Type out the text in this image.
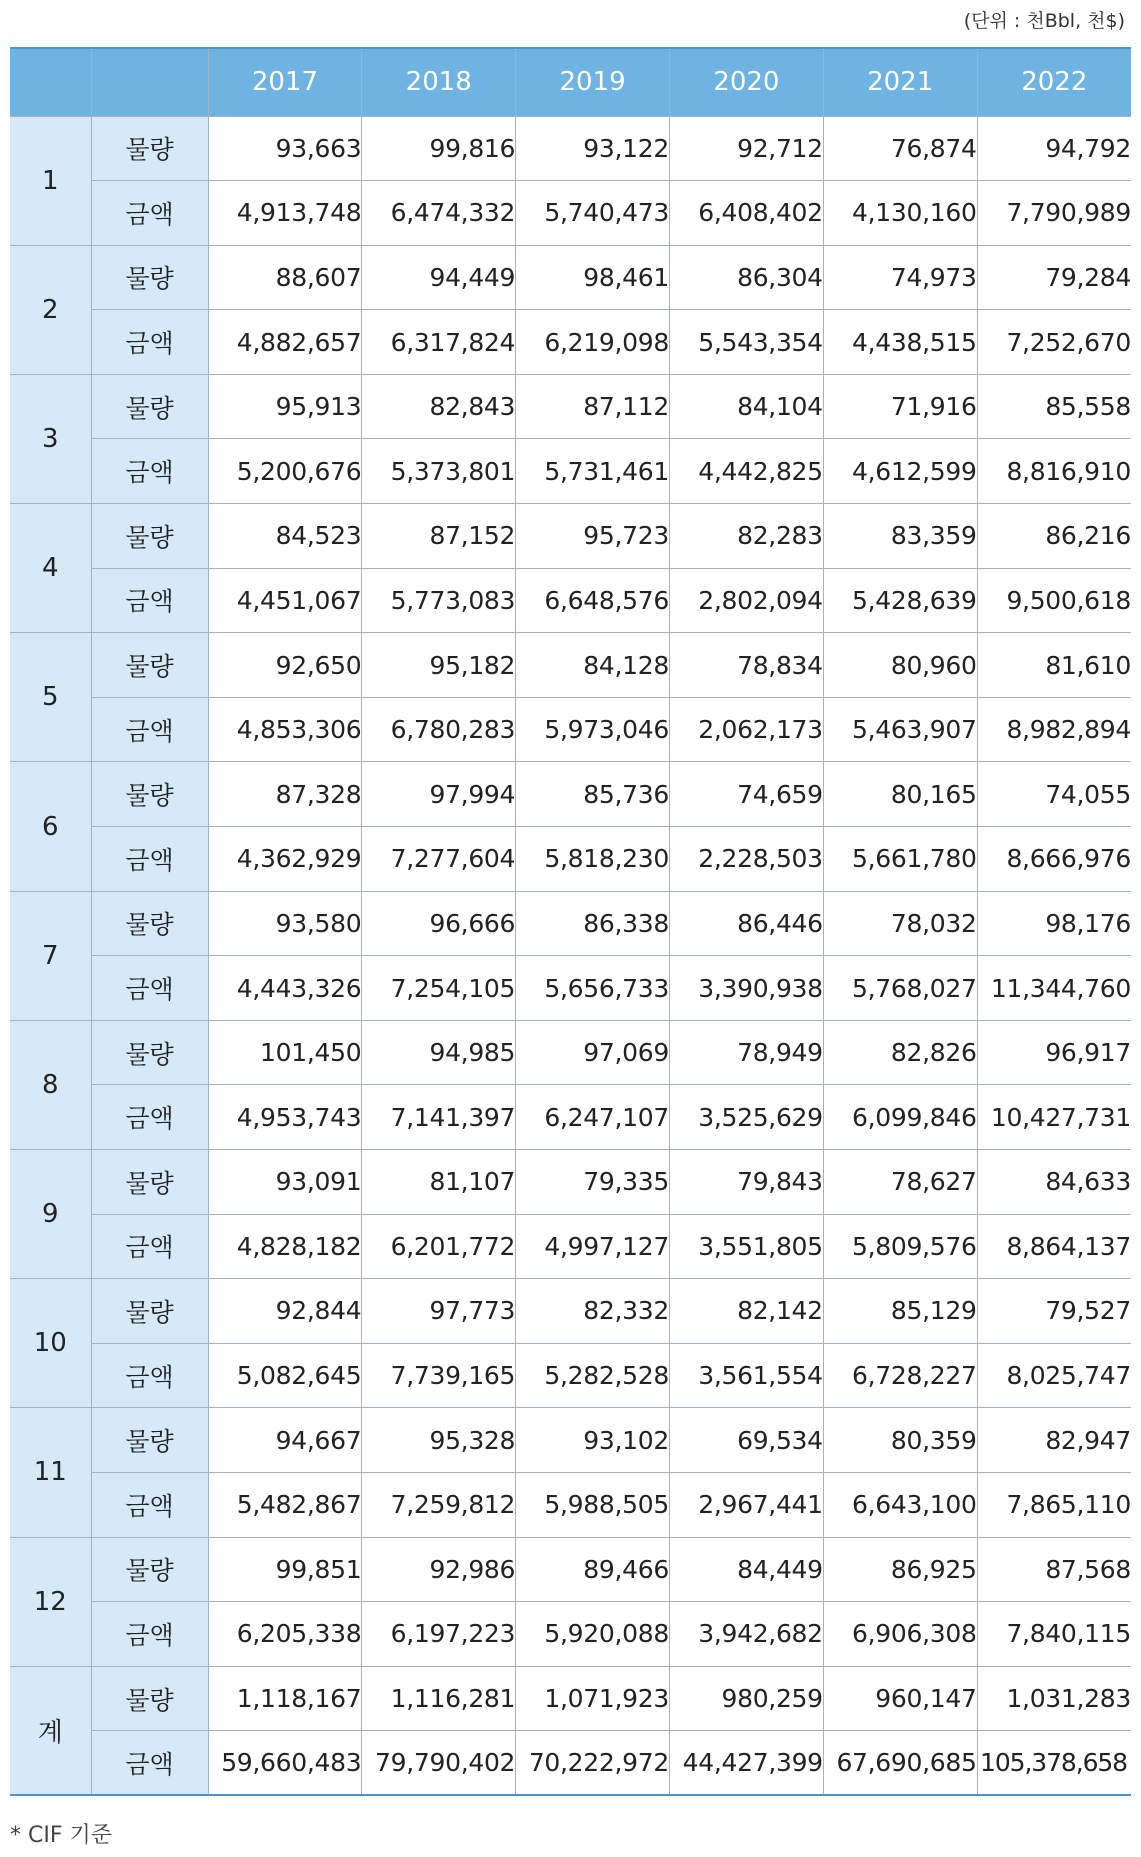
(단위 : 천Bbl, 천$)
		2017	2018	2019	2020	2021	2022
1	물량	93,663	99,816	93,122	92,712	76,874	94,792
	금액	4,913,748	6,474,332	5,740,473	6,408,402	4,130,160	7,790,989
2	물량	88,607	94,449	98,461	86,304	74,973	79,284
	금액	4,882,657	6,317,824	6,219,098	5,543,354	4,438,515	7,252,670
3	물량	95,913	82,843	87,112	84,104	71,916	85,558
	금액	5,200,676	5,373,801	5,731,461	4,442,825	4,612,599	8,816,910
4	물량	84,523	87,152	95,723	82,283	83,359	86,216
	금액	4,451,067	5,773,083	6,648,576	2,802,094	5,428,639	9,500,618
5	물량	92,650	95,182	84,128	78,834	80,960	81,610
	금액	4,853,306	6,780,283	5,973,046	2,062,173	5,463,907	8,982,894
6	물량	87,328	97,994	85,736	74,659	80,165	74,055
	금액	4,362,929	7,277,604	5,818,230	2,228,503	5,661,780	8,666,976
7	물량	93,580	96,666	86,338	86,446	78,032	98,176
	금액	4,443,326	7,254,105	5,656,733	3,390,938	5,768,027	11,344,760
8	물량	101,450	94,985	97,069	78,949	82,826	96,917
	금액	4,953,743	7,141,397	6,247,107	3,525,629	6,099,846	10,427,731
9	물량	93,091	81,107	79,335	79,843	78,627	84,633
	금액	4,828,182	6,201,772	4,997,127	3,551,805	5,809,576	8,864,137
10	물량	92,844	97,773	82,332	82,142	85,129	79,527
	금액	5,082,645	7,739,165	5,282,528	3,561,554	6,728,227	8,025,747
11	물량	94,667	95,328	93,102	69,534	80,359	82,947
	금액	5,482,867	7,259,812	5,988,505	2,967,441	6,643,100	7,865,110
12	물량	99,851	92,986	89,466	84,449	86,925	87,568
	금액	6,205,338	6,197,223	5,920,088	3,942,682	6,906,308	7,840,115
계	물량	1,118,167	1,116,281	1,071,923	980,259	960,147	1,031,283
	금액	59,660,483	79,790,402	70,222,972	44,427,399	67,690,685	105,378,658
* CIF 기준
